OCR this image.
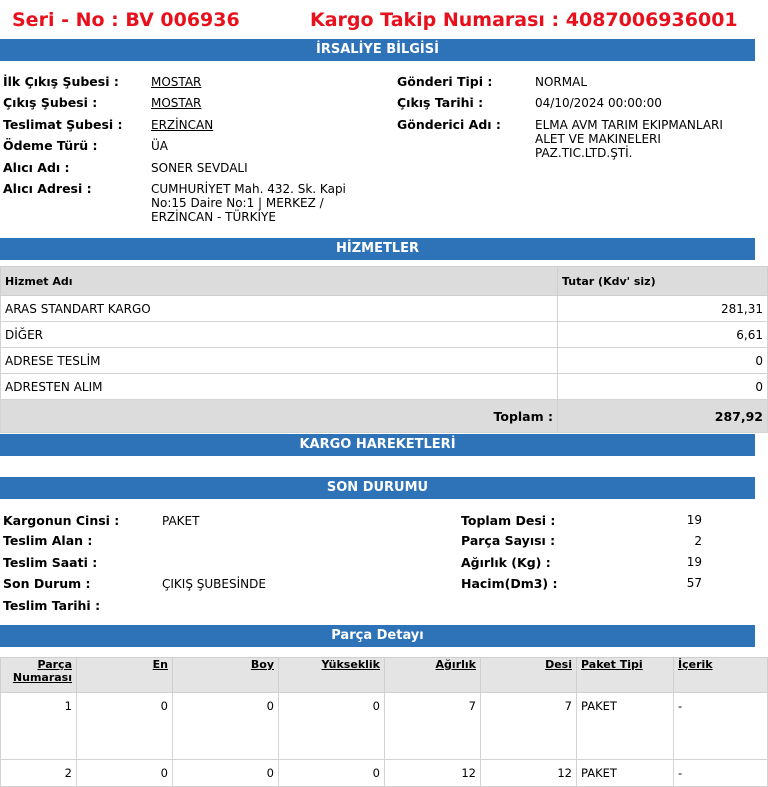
Seri - No : BV 006936	Kargo Takip Numarası : 4087006936001
İRSALİYE BİLGİSİ
İlk Çıkış Şubesi :	MOSTAR
Çıkış Şubesi :	MOSTAR
Teslimat Şubesi : ERZİNCAN
Ödeme Türü :	ÜA
Alıcı Adı :	SONER SEVDALI
Alıcı Adresi :	CUMHURİYET Mah. 432. Sk. Kapi
No:15 Daire No:1 | MERKEZ /
ERZİNCAN - TÜRKİYE
Gönderi Tipi :	NORMAL
Çıkış Tarihi :	04/10/2024 00:00:00
Gönderici Adı :	ELMA AVM TARIM EKIPMANLARI
ALET VE MAKINELERI
PAZ.TIC.LTD.ŞTİ.
HİZMETLER
Hizmet Adı	Tutar (Kdv' siz)
ARAS STANDART KARGO	281,31
DİĞER	6,61
ADRESE TESLİM	0
ADRESTEN ALIM	0
Toplam :	287,92
KARGO HAREKETLERİ
SON DURUMU
Kargonun Cinsi :	PAKET
Teslim Alan :
Teslim Saati :
Son Durum :	ÇIKIŞ ŞUBESİNDE
Teslim Tarihi :
Toplam Desi :	19
Parça Sayısı :	2
Ağırlık (Kg) :	19
Hacim(Dm3) :	57
Parça Detayı
Parça
Numarası	En	Boy	Yükseklik	Ağırlık	Desi	Paket Tipi	İçerik
1	0	0	0	7	7	PAKET	-
2	0	0	0	12	12	PAKET	-
